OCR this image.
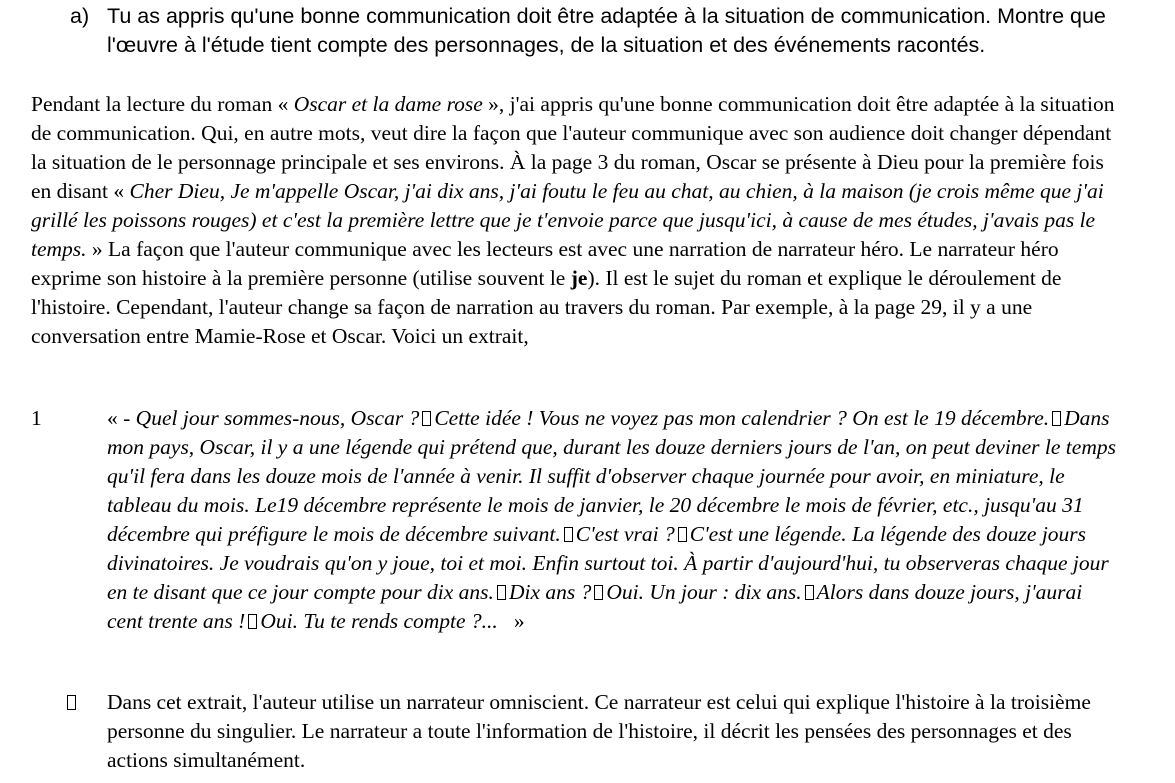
a) Tu as appris qu'une bonne communication doit être adaptée à la situation de communication. Montre que l'œuvre à l'étude tient compte des personnages, de la situation et des événements racontés.
Pendant la lecture du roman « Oscar et la dame rose », j'ai appris qu'une bonne communication doit être adaptée à la situation de communication. Qui, en autre mots, veut dire la façon que l'auteur communique avec son audience doit changer dépendant la situation de le personnage principale et ses environs. À la page 3 du roman, Oscar se présente à Dieu pour la première fois en disant « Cher Dieu, Je m'appelle Oscar, j'ai dix ans, j'ai foutu le feu au chat, au chien, à la maison (je crois même que j'ai grillé les poissons rouges) et c'est la première lettre que je t'envoie parce que jusqu'ici, à cause de mes études, j'avais pas le temps. » La façon que l'auteur communique avec les lecteurs est avec une narration de narrateur héro. Le narrateur héro exprime son histoire à la première personne (utilise souvent le je). Il est le sujet du roman et explique le déroulement de l'histoire. Cependant, l'auteur change sa façon de narration au travers du roman. Par exemple, à la page 29, il y a une conversation entre Mamie-Rose et Oscar. Voici un extrait,
1	« - Quel jour sommes-nous, Oscar ? Cette idée ! Vous ne voyez pas mon calendrier ? On est le 19 décembre. Dans mon pays, Oscar, il y a une légende qui prétend que, durant les douze derniers jours de l'an, on peut deviner le temps qu'il fera dans les douze mois de l'année à venir. Il suffit d'observer chaque journée pour avoir, en miniature, le tableau du mois. Le19 décembre représente le mois de janvier, le 20 décembre le mois de février, etc., jusqu'au 31 décembre qui préfigure le mois de décembre suivant. C'est vrai ? C'est une légende. La légende des douze jours divinatoires. Je voudrais qu'on y joue, toi et moi. Enfin surtout toi. À partir d'aujourd'hui, tu observeras chaque jour en te disant que ce jour compte pour dix ans. Dix ans ? Oui. Un jour : dix ans. Alors dans douze jours, j'aurai cent trente ans ! Oui. Tu te rends compte ?... »
Dans cet extrait, l'auteur utilise un narrateur omniscient. Ce narrateur est celui qui explique l'histoire à la troisième personne du singulier. Le narrateur a toute l'information de l'histoire, il décrit les pensées des personnages et des actions simultanément.
